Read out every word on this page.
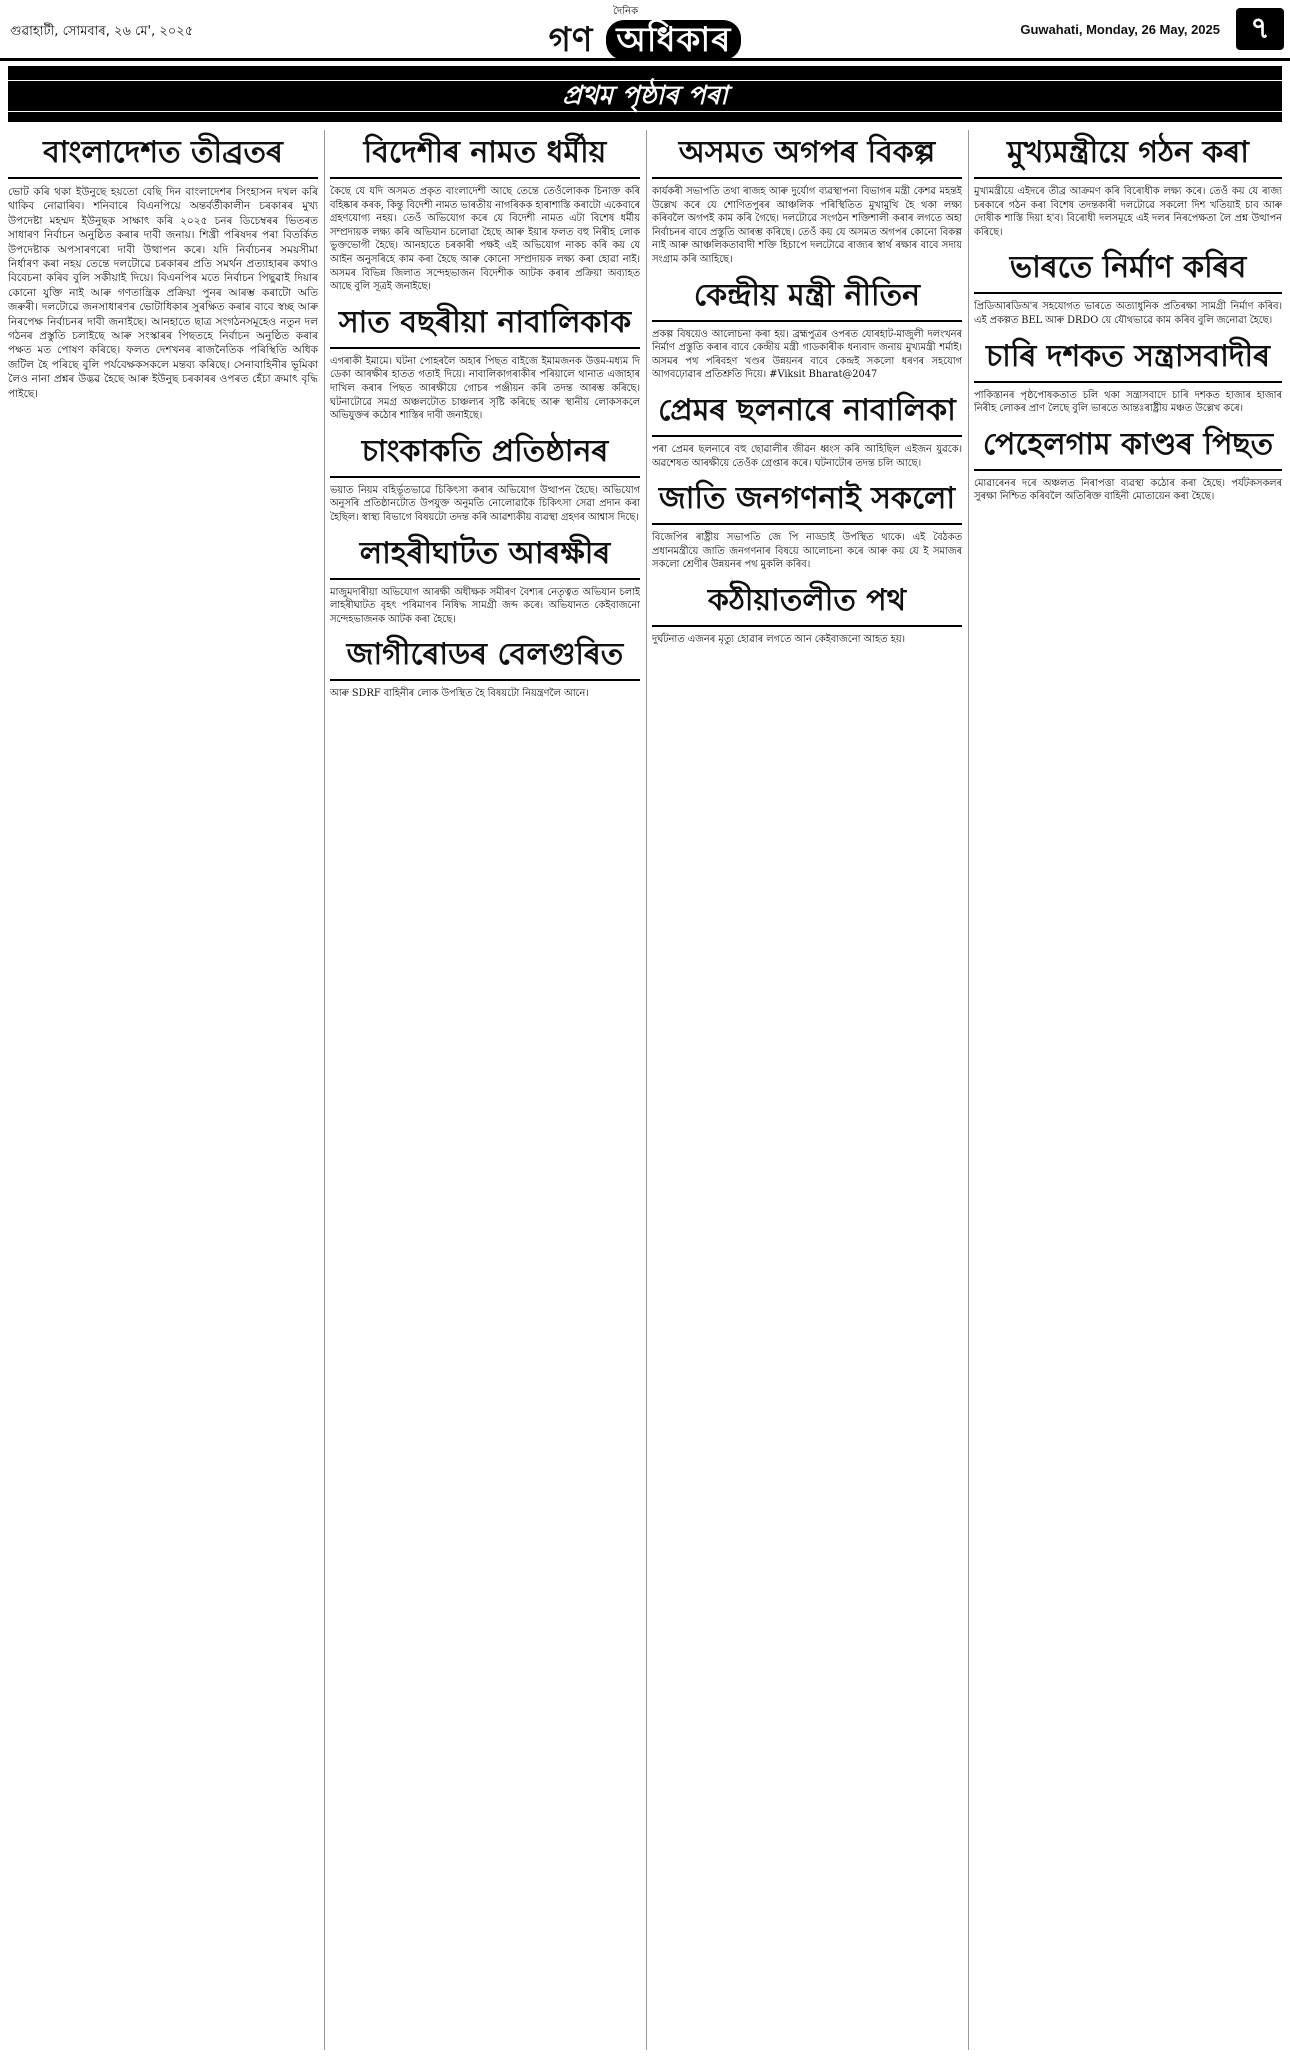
গুৱাহাটী, সোমবাৰ, ২৬ মে', ২০২৫
দৈনিক
গণ অধিকাৰ	Guwahati, Monday, 26 May, 2025	৭
প্ৰথম পৃষ্ঠাৰ পৰা
বাংলাদেশত তীব্ৰতৰ

ভোট কৰি থকা ইউনুছে হয়তো বেছি দিন বাংলাদেশৰ সিংহাসন দখল কৰি থাকিব নোৱাৰিব। শনিবাৰে বিএনপিয়ে অন্তৰ্বৰ্তীকালীন চৰকাৰৰ মুখ্য উপদেষ্টা মহম্মদ ইউনুছক সাক্ষাৎ কৰি ২০২৫ চনৰ ডিচেম্বৰৰ ভিতৰত সাধাৰণ নিৰ্বাচন অনুষ্ঠিত কৰাৰ দাবী জনায়। শিখ্ৰী পৰিষদৰ পৰা বিতৰ্কিত উপদেষ্টাক অপসাৰণৰো দাবী উত্থাপন কৰে। যদি নিৰ্বাচনৰ সময়সীমা নিৰ্ধাৰণ কৰা নহয় তেন্তে দলটোৱে চৰকাৰৰ প্ৰতি সমৰ্থন প্ৰত্যাহাৰৰ কথাও বিবেচনা কৰিব বুলি সকীয়াই দিয়ে। বিএনপিৰ মতে নিৰ্বাচন পিছুৱাই দিয়াৰ কোনো যুক্তি নাই আৰু গণতান্ত্ৰিক প্ৰক্ৰিয়া পুনৰ আৰম্ভ কৰাটো অতি জৰুৰী। দলটোৱে জনসাধাৰণৰ ভোটাধিকাৰ সুৰক্ষিত কৰাৰ বাবে স্বচ্ছ আৰু নিৰপেক্ষ নিৰ্বাচনৰ দাবী জনাইছে। আনহাতে ছাত্ৰ সংগঠনসমূহেও নতুন দল গঠনৰ প্ৰস্তুতি চলাইছে আৰু সংস্কাৰৰ পিছতহে নিৰ্বাচন অনুষ্ঠিত কৰাৰ পক্ষত মত পোষণ কৰিছে। ফলত দেশখনৰ ৰাজনৈতিক পৰিস্থিতি অধিক জটিল হৈ পৰিছে বুলি পৰ্যবেক্ষকসকলে মন্তব্য কৰিছে। সেনাবাহিনীৰ ভূমিকা লৈও নানা প্ৰশ্নৰ উদ্ভৱ হৈছে আৰু ইউনুছ চৰকাৰৰ ওপৰত হেঁচা ক্ৰমাৎ বৃদ্ধি পাইছে।

বিদেশীৰ নামত ধৰ্মীয়

কৈছে যে যদি অসমত প্ৰকৃত বাংলাদেশী আছে তেন্তে তেওঁলোকক চিনাক্ত কৰি বহিষ্কাৰ কৰক, কিন্তু বিদেশী নামত ভাৰতীয় নাগৰিকক হাৰাশাস্তি কৰাটো একেবাৰে গ্ৰহণযোগ্য নহয়। তেওঁ অভিযোগ কৰে যে বিদেশী নামত এটা বিশেষ ধৰ্মীয় সম্প্ৰদায়ক লক্ষ্য কৰি অভিযান চলোৱা হৈছে আৰু ইয়াৰ ফলত বহু নিৰীহ লোক ভুক্তভোগী হৈছে। আনহাতে চৰকাৰী পক্ষই এই অভিযোগ নাকচ কৰি কয় যে আইন অনুসৰিহে কাম কৰা হৈছে আৰু কোনো সম্প্ৰদায়ক লক্ষ্য কৰা হোৱা নাই। অসমৰ বিভিন্ন জিলাত সন্দেহভাজন বিদেশীক আটক কৰাৰ প্ৰক্ৰিয়া অব্যাহত আছে বুলি সূত্ৰই জনাইছে।

সাত বছৰীয়া নাবালিকাক

এগৰাকী ইমামে। ঘটনা পোহৰলৈ অহাৰ পিছত বাইজে ইমামজনক উত্তম-মধ্যম দি ডেকা আৰক্ষীৰ হাতত গতাই দিয়ে। নাবালিকাগৰাকীৰ পৰিয়ালে থানাত এজাহাৰ দাখিল কৰাৰ পিছত আৰক্ষীয়ে গোচৰ পঞ্জীয়ন কৰি তদন্ত আৰম্ভ কৰিছে। ঘটনাটোৱে সমগ্ৰ অঞ্চলটোত চাঞ্চল্যৰ সৃষ্টি কৰিছে আৰু স্থানীয় লোকসকলে অভিযুক্তৰ কঠোৰ শাস্তিৰ দাবী জনাইছে।

চাংকাকতি প্ৰতিষ্ঠানৰ

ভয়াত নিয়ম বহিৰ্ভূতভাৱে চিকিৎসা কৰাৰ অভিযোগ উত্থাপন হৈছে। অভিযোগ অনুসৰি প্ৰতিষ্ঠানটোত উপযুক্ত অনুমতি নোলোৱাকৈ চিকিৎসা সেৱা প্ৰদান কৰা হৈছিল। স্বাস্থ্য বিভাগে বিষয়টো তদন্ত কৰি আৱশ্যকীয় ব্যৱস্থা গ্ৰহণৰ আশ্বাস দিছে।

লাহৰীঘাটত আৰক্ষীৰ

মাজুমদাৰীয়া অভিযোগ আৰক্ষী অধীক্ষক সমীৰণ বৈশ্যৰ নেতৃত্বত অভিযান চলাই লাহৰীঘাটত বৃহৎ পৰিমাণৰ নিষিদ্ধ সামগ্ৰী জব্দ কৰে। অভিযানত কেইবাজনো সন্দেহভাজনক আটক কৰা হৈছে।

জাগীৰোডৰ বেলগুৰিত

আৰু SDRF বাহিনীৰ লোক উপস্থিত হৈ বিষয়টো নিয়ন্ত্ৰণলৈ আনে।

অসমত অগপৰ বিকল্প

কাৰ্যকৰী সভাপতি তথা ৰাজহ আৰু দুৰ্যোগ ব্যৱস্থাপনা বিভাগৰ মন্ত্ৰী কেশৱ মহন্তই উল্লেখ কৰে যে শোণিতপুৰৰ আঞ্চলিক পৰিস্থিতিত মুখামুখি হৈ থকা লক্ষ্য কৰিবলৈ অগপই কাম কৰি গৈছে। দলটোৱে সংগঠন শক্তিশালী কৰাৰ লগতে অহা নিৰ্বাচনৰ বাবে প্ৰস্তুতি আৰম্ভ কৰিছে। তেওঁ কয় যে অসমত অগপৰ কোনো বিকল্প নাই আৰু আঞ্চলিকতাবাদী শক্তি হিচাপে দলটোৱে ৰাজ্যৰ স্বাৰ্থ ৰক্ষাৰ বাবে সদায় সংগ্ৰাম কৰি আহিছে।

কেন্দ্ৰীয় মন্ত্ৰী নীতিন

প্ৰকল্প বিষয়েও আলোচনা কৰা হয়। ব্ৰহ্মপুত্ৰৰ ওপৰত যোৰহাট-মাজুলী দলংখনৰ নিৰ্মাণ প্ৰস্তুতি কৰাৰ বাবে কেন্দ্ৰীয় মন্ত্ৰী গাডকাৰীক ধন্যবাদ জনায় মুখ্যমন্ত্ৰী শৰ্মাই। অসমৰ পথ পৰিবহণ খণ্ডৰ উন্নয়নৰ বাবে কেন্দ্ৰই সকলো ধৰণৰ সহযোগ আগবঢ়োৱাৰ প্ৰতিশ্ৰুতি দিয়ে। #Viksit Bharat@2047

প্ৰেমৰ ছলনাৰে নাবালিকা

পৰা প্ৰেমৰ ছলনাৰে বহু ছোৱালীৰ জীৱন ধ্বংস কৰি আহিছিল এইজন যুৱকে। অৱশেষত আৰক্ষীয়ে তেওঁক গ্ৰেপ্তাৰ কৰে। ঘটনাটোৰ তদন্ত চলি আছে।

জাতি জনগণনাই সকলো

বিজেপিৰ ৰাষ্ট্ৰীয় সভাপতি জে পি নাড্ডাই উপস্থিত থাকে। এই বৈঠকত প্ৰধানমন্ত্ৰীয়ে জাতি জনগণনাৰ বিষয়ে আলোচনা কৰে আৰু কয় যে ই সমাজৰ সকলো শ্ৰেণীৰ উন্নয়নৰ পথ মুকলি কৰিব।

কঠীয়াতলীত পথ

দুৰ্ঘটনাত এজনৰ মৃত্যু হোৱাৰ লগতে আন কেইবাজনো আহত হয়।

মুখ্যমন্ত্ৰীয়ে গঠন কৰা

মুখ্যমন্ত্ৰীয়ে এইদৰে তীব্ৰ আক্ৰমণ কৰি বিৰোধীক লক্ষ্য কৰে। তেওঁ কয় যে ৰাজ্য চৰকাৰে গঠন কৰা বিশেষ তদন্তকাৰী দলটোৱে সকলো দিশ খতিয়াই চাব আৰু দোষীক শাস্তি দিয়া হ'ব। বিৰোধী দলসমূহে এই দলৰ নিৰপেক্ষতা লৈ প্ৰশ্ন উত্থাপন কৰিছে।

ভাৰতে নিৰ্মাণ কৰিব

প্ৰিডিআৰডিঅ'ৰ সহযোগত ভাৰতে অত্যাধুনিক প্ৰতিৰক্ষা সামগ্ৰী নিৰ্মাণ কৰিব। এই প্ৰকল্পত BEL আৰু DRDO য়ে যৌথভাৱে কাম কৰিব বুলি জনোৱা হৈছে।

চাৰি দশকত সন্ত্ৰাসবাদীৰ

পাকিস্তানৰ পৃষ্ঠপোষকতাত চলি থকা সন্ত্ৰাসবাদে চাৰি দশকত হাজাৰ হাজাৰ নিৰীহ লোকৰ প্ৰাণ লৈছে বুলি ভাৰতে আন্তঃৰাষ্ট্ৰীয় মঞ্চত উল্লেখ কৰে।

পেহেলগাম কাণ্ডৰ পিছত

মোৱাৰেনৰ দৰে অঞ্চলত নিৰাপত্তা ব্যৱস্থা কঠোৰ কৰা হৈছে। পৰ্যটকসকলৰ সুৰক্ষা নিশ্চিত কৰিবলৈ অতিৰিক্ত বাহিনী মোতায়েন কৰা হৈছে।
